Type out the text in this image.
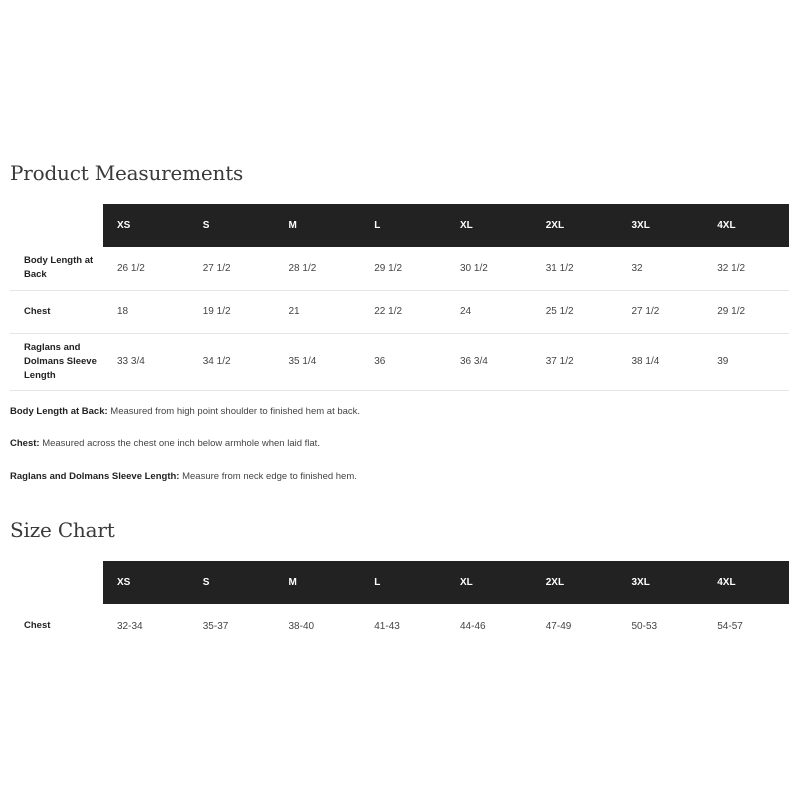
Product Measurements
	XS	S	M	L	XL	2XL	3XL	4XL
Body Length at Back	26 1/2	27 1/2	28 1/2	29 1/2	30 1/2	31 1/2	32	32 1/2
Chest	18	19 1/2	21	22 1/2	24	25 1/2	27 1/2	29 1/2
Raglans and Dolmans Sleeve Length	33 3/4	34 1/2	35 1/4	36	36 3/4	37 1/2	38 1/4	39

Body Length at Back: Measured from high point shoulder to finished hem at back.

Chest: Measured across the chest one inch below armhole when laid flat.

Raglans and Dolmans Sleeve Length: Measure from neck edge to finished hem.

Size Chart
	XS	S	M	L	XL	2XL	3XL	4XL
Chest	32-34	35-37	38-40	41-43	44-46	47-49	50-53	54-57
